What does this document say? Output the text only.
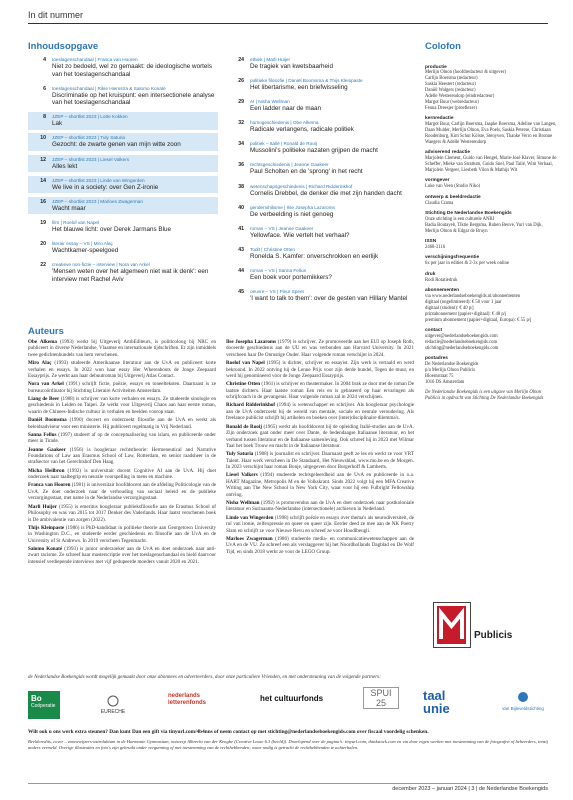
In dit nummer
Inhoudsopgave
4 toeslagenschandaal | Franca van Hooren
Niet zo bedoeld, wel zo gemaakt: de ideologische wortels van het toeslagenschandaal
6 toeslagenschandaal | Rikie Hiemstra & Salomo Konaté
Discriminatie op het kruispunt: een intersectionele analyse van het toeslagenschandaal
8 JZEP – shortlist 2023 | Lotte Kokken
Lak
10 JZEP – shortlist 2023 | Tuly Saturia
Gezocht: de zwarte genen van mijn witte zoon
12 JZEP – shortlist 2023 | Liesel Valkers
Alles lekt
14 JZEP – shortlist 2023 | Linde van Wingerden
We live in a society: over Gen Z-ironie
16 JZEP – shortlist 2023 | Marloes Zwagerman
Wacht maar
19 film | Roelof van Napel
Het blauwe licht: over Derek Jarmans Blue
20 literair essay – VS | Miro Alaç
Wachtkamer-speelgoed
22 creatieve non-fictie – interview | Nora van Arkel
'Mensen weten over het algemeen niet wat ik denk': een interview met Rachel Aviv
24 ethiek | Marli Huijer
De tragiek van kwetsbaarheid
26 politieke filosofie | Daniël Boomsma & Thijs Kleinpaste
Het libertarisme, een briefwisseling
29 AI | Nisha Wellman
Een ladder naar de maan
32 homogeschiedenis | Obe Alkema
Radicale verlangens, radicale politiek
34 politiek – Italië | Ronald de Rooij
Mussolini's politieke nazaten grijpen de macht
36 rechtsgeschiedenis | Jeanne Gaakeer
Paul Scholten en de 'sprong' in het recht
38 wetenschapsgeschiedenis | Richard Ridderinkhof
Cornelis Drebbel, de denker die met zijn handen dacht
40 gendernihilisme | Ilse Josepha Lazaroms
De verbeelding is niet genoeg
41 roman – VS | Jeanne Gaakeer
Yellowface. Wie vertelt het verhaal?
43 Todit | Christine Otten
Ronelda S. Kamfer: onverschrokken en eerlijk
44 roman – VS | Sanna Fellus
Een boek voor portemikkers?
45 oeuvre – VS | Fleur Speet
'I want to talk to them': over de gesten van Hillary Mantel
Auteurs

Obe Alkema (1993) werkt bij Uitgeverij AmbEditeurs, is politicoloog bij NRC en publiceert in diverse Nederlandse, Vlaamse en internationale tijdschriften. Er zijn inmiddels twee gedichtenbundels van hem verschenen.

Miro Alaç (1993) studeerde Amerikaanse literatuur aan de UvA en publiceert korte verhalen en essays. In 2022 won haar essay Her Whereabouts de Jonge Zeepaard Essayprijs. Ze werkt aan haar debuutroman bij Uitgeverij Atlas Contact.

Nora van Arkel (1991) schrijft fictie, poëzie, essays en toneelteksten. Daarnaast is ze bureaucoördinator bij Stichting Literaire Activiteiten Amsterdam.

Liang de Beer (1988) is schrijver van korte verhalen en essays. Ze studeerde sinologie en geschiedenis in Leiden en Taipei. Ze werkt voor Uitgeverij Chaos aan haar eerste roman, waarin de Chinees-Indische cultuur in verhalen en beelden voorop staat.

Daniël Boomsma (1990) doceert en onderzoekt filosofie aan de UvA en werkt als beleidsadviseur voor een ministerie. Hij publiceert regelmatig in Vrij Nederland.

Sanna Fellus (1997) studeert af op de conceptualisering van islam, en publiceerde onder meer in Tirade.

Jeanne Gaakeer (1956) is hoogleraar rechtstheorie: Hermeneutical and Narrative Foundations of Law aan Erasmus School of Law, Rotterdam, en senior raadsheer in de strafsector van het Gerechtshof Den Haag.

Micha Heilbron (1992) is universitair docent Cognitive AI aan de UvA. Hij doet onderzoek naar taalbegrip en neurale voorspelling in mens en machine.

Franca van Hooren (1981) is universitair hoofddocent aan de afdeling Politicologie van de UvA. Ze doet onderzoek naar de verhouding van sociaal beleid en de publieke verzorgingsstaat, met name in de Nederlandse verzorgingsstaat.

Marli Huijer (1955) is emeritus hoogleraar publieksfilosofie aan de Erasmus School of Philosophy en was van 2015 tot 2017 Denker des Vaderlands. Haar laatst verschenen boek is De ambivalentie van zorgen (2022).

Thijs Kleinpaste (1986) is PhD-kandidaat in politieke theorie aan Georgetown University in Washington D.C., en studeerde eerder geschiedenis en filosofie aan de UvA en de University of St Andrews. In 2019 verscheen Tegenmacht.

Salomo Konaté (1993) is junior onderzoeker aan de UvA en doet onderzoek naar anti-zwart racisme. Ze schreef haar masterscriptie over het toeslagenschandaal en hield daarvoor intensief verdiepende interviews met vijf gedupeerde moeders vanuit 2020 en 2021.

Ilse Josepha Lazaroms (1979) is schrijver. Ze promoveerde aan het EUI op Joseph Roth, doceerde geschiedenis aan de UU en was verbonden aan Harvard University. In 2021 verscheen haar De Onrustige Ouder. Haar volgende roman verschijnt in 2024.

Roelof van Napel (1995) is dichter, schrijver en essayist. Zijn werk is vertaald en werd bekroond. In 2022 ontving hij de Lenne Prijs voor zijn derde bundel, Tegen de muur, en werd hij genomineerd voor de Jonge Zeepaard Essayprijs.

Christine Otten (1961) is schrijver en theatermaker. In 2004 brak ze door met de roman De laatste dichters. Haar laatste roman Een reis en is gebaseerd op haar ervaringen als schrijfcoach in de gevangenis. Haar volgende roman zal in 2024 verschijnen.

Richard Ridderinkhof (1994) is wetenschapper en schrijver. Als hoogleraar psychologie aan de UvA onderzoekt hij de wereld van mentale, sociale en neurale veroudering. Als freelance publicist schrijft hij artikelen en boeken over (inter)disciplinaire dilemma's.

Ronald de Rooij (1965) werkt als hoofddocent bij de opleiding Italië-studies aan de UvA. Zijn onderzoek gaat onder meer over Dante, de hedendaagse Italiaanse literatuur, en het verband tussen literatuur en de Italiaanse samenleving. Ook schreef hij in 2023 met Wilmar Taal het boek Trouw en macht in de Italiaanse literatuur.

Tuly Saturia (1988) is journalist en schrijver. Daarnaast geeft ze les en werkt ze voor VRT Talent. Haar werk verscheen in De Standaard, Het Nieuwsblad, www.mo.be en de Morgen. In 2023 verschijnt haar roman Bonje, uitgegeven door Borgerhoff & Lamberts.

Liesel Valkers (1994) studeerde rechtsgeleerdheid aan de UvA en publiceerde in o.a. HART Magazine, Metropolis M en de Volkskrant. Sinds 2022 volgt hij een MFA Creative Writing aan The New School in New York City, waar voor hij een Fulbright Fellowship ontving.

Nisha Wellman (1992) is promovendus aan de UvA en doet onderzoek naar postkoloniale literatuur en Surinaams-Nederlandse (intersectionele) archieven in Nederland.

Linde van Wingerden (1998) schrijft poëzie en essays over thema's als neurodiversiteit, de rol van ironie, zelfexpressie en queer en queer zijn. Eerder deed ze mee aan de NK Poetry Slam en schrijft ze voor Nieuwe Revu en schreef ze voor Hoodlbeugli.

Marloes Zwagerman (1986) studeerde media- en communicatiewetenschappen aan de UvA en de VU. Ze schreef een als verslaggever bij het Noordhollands Dagblad en De Wolf Tijd, en sinds 2018 werkt ze voor de LEGO Group.

Colofon
productie
Merlijn Olnon (hoofdredacteur & uitgever)
Carlijn Boersma (redacteur)
Saskia Heestert (redacteur)
Daniël Walgers (redacteur)
Adelle Westerendorp (eindredacteur)
Margot Buur (webredacteur)
Fenna Dreesjer (proeflezer)
kernredactie
Margot Buur, Carlijn Boersma, Jaapke Boersma, Adeline van Langen, Daan Mulder, Merlijn Olnon, Eva Poels, Saskia Peterse, Christiaan Roodenburg, Kim Schut Kölste, Stenyven, Thanke Verro en Bronne Waegers & Adelle Westerendorp
adviserend redactie
Marjolein Clement, Guido van Hengel, Marie-José Klaver, Simone de Scheffer, Mieke van Strattum, Guido Snel, Paul Tailé, Wim Verbaal, Marjolein Vergeer, Liesbeth Vilon & Mathijs Wit
vormgever
Luke van Veen (Studio Niko)
ontwerp & beeldredactie
Claudia Crama
Stichting De Nederlandse Boekengids
Onze stichting is een culturele ANBI
Badia Boutayeb, Tiktie Bergsma, Ruben Beuve, Yuri van Dijk, Merlijn Olnon & Edgar de Bruyn
ISSN
2468-3116
verschijningsfrequentie
6x per jaar in edities & 2-3x per week online
druk
Rodi Rotatiedruk
abonnementen
via www.nederlandseboekengids.nl/abonnementen
digitaal (ongelimiteerd): € 50 voor 1 jaar
digitaal (student): € 40 p/j
printabonnement (papier+digitaal): € 48 p/j
premium abonnement (papier+digitaal, Europa): € 55 p/j
contact
uitgever@nederlandseboekengids.com
redactie@nederlandseboekengids.com
stichting@nederlandseboekengids.com
postadres
De Nederlandse Boekengids
p/a Merlijn Olnon Publicis
Bloemstraat 75
1016 DS Amsterdam
De Nederlandse Boekengids is een uitgave van Merlijn Olnon Publicis in opdracht van Stichting De Nederlandse Boekengids
Publicis
de Nederlandse Boekengids wordt mogelijk gemaakt door onze abonnees en adverteerders, door onze particuliere Vrienden, en met ondersteuning van de volgende partners:
Bo
Coöperatie
EURECHE
nederlands
letterenfonds	het cultuurfonds
SPUI
25	taal
unie	van Bijleveldstichting
Wilt ook u ons werk extra steunen? Dan kunt Dan een gift via tinyurl.com/4b4nns of neem contact op met stichting@nederlandseboekengids.com over fiscaal voordelig schenken.
Beeldcredits, cover – zonnewijzers-astrolabium in de Harmonie Gymnasium, ontwerp Albrecht van der Kenghe (Creative Lease 6.3 (beeld)). Doorlopend over de pagina's: tinyurl.com, thinkstock.com en via door eigen werken met toestemming van de fotografen of beheerders, tenzij anders vermeld. Overige illustraties en foto's zijn gebruikt onder vergunning of met toestemming van de rechthebbenden; waar nodig is getracht de rechthebbenden te achterhalen.
december 2023 – januari 2024 | 3 | de Nederlandse Boekengids
